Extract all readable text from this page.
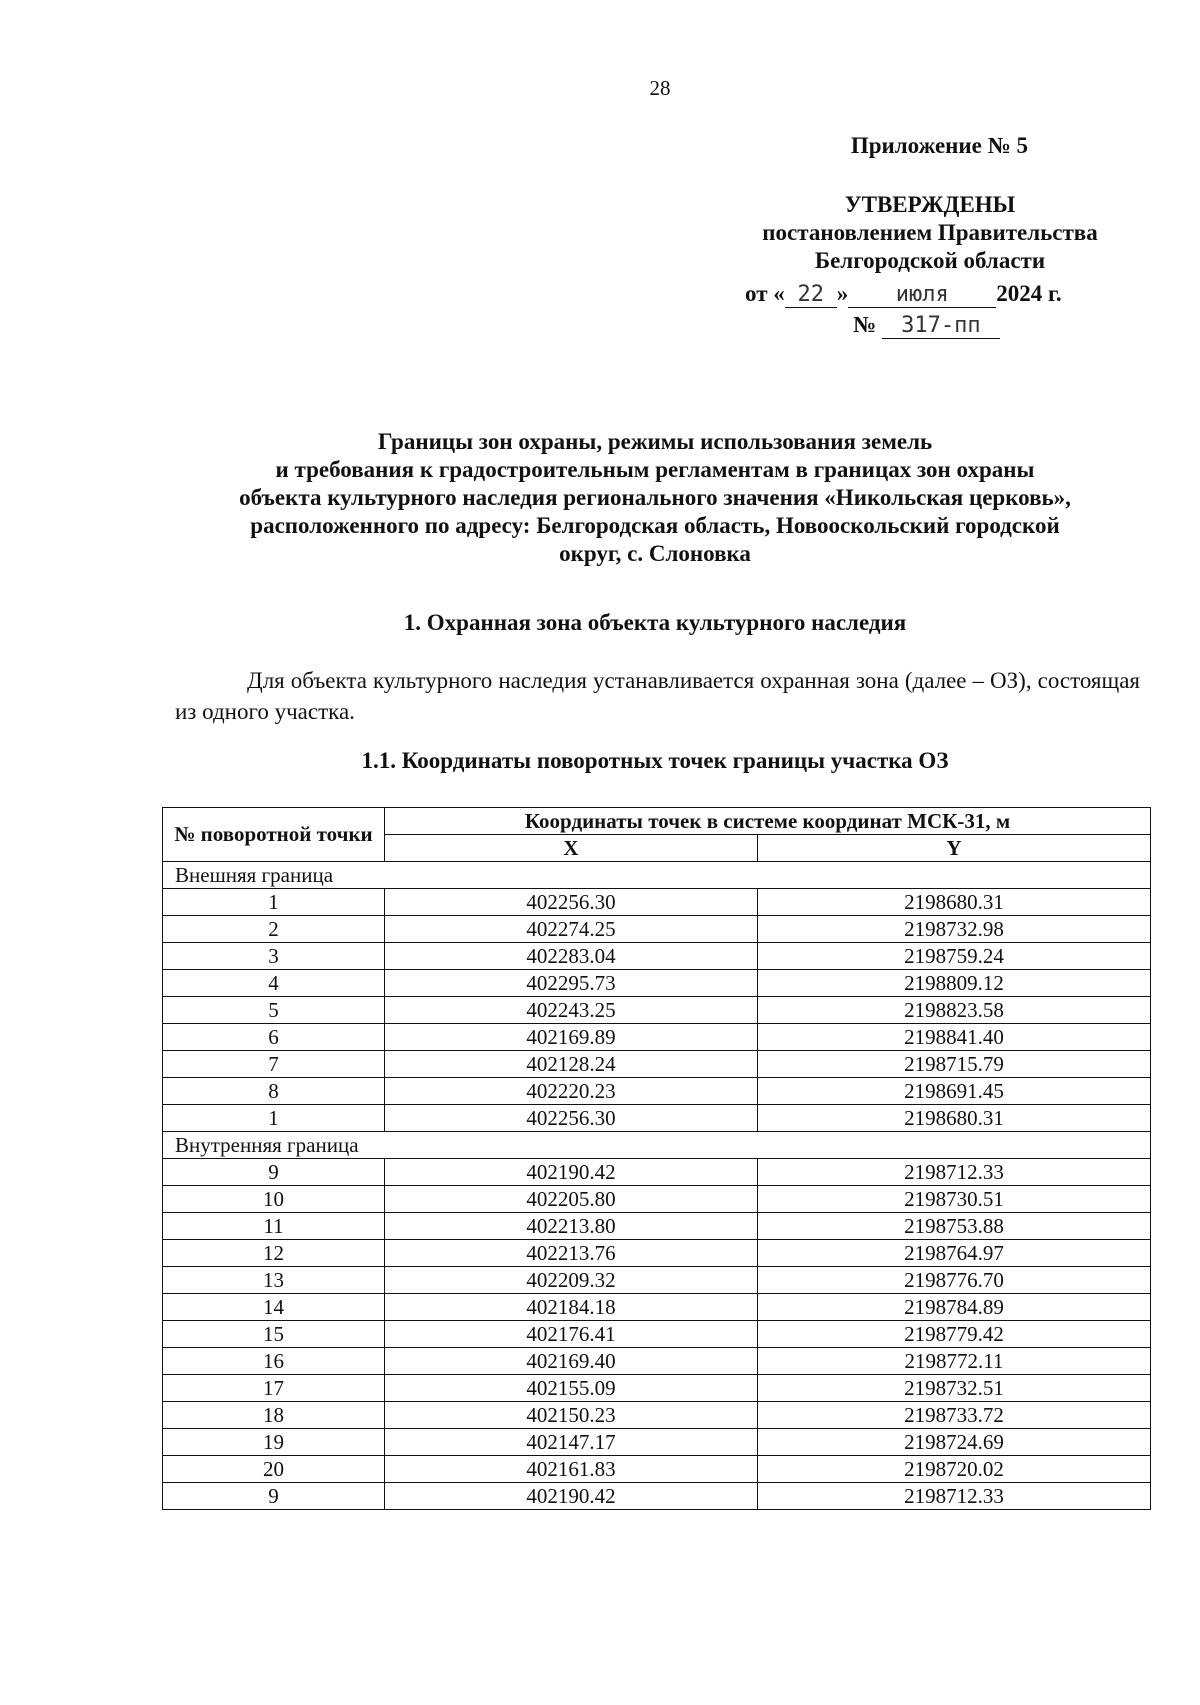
28
Приложение № 5
УТВЕРЖДЕНЫ
постановлением Правительства
Белгородской области
от « 22 » июля 2024 г.
№ 317-пп
Границы зон охраны, режимы использования земель
и требования к градостроительным регламентам в границах зон охраны
объекта культурного наследия регионального значения «Никольская церковь»,
расположенного по адресу: Белгородская область, Новооскольский городской
округ, с. Слоновка
1. Охранная зона объекта культурного наследия
Для объекта культурного наследия устанавливается охранная зона (далее – ОЗ), состоящая из одного участка.
1.1. Координаты поворотных точек границы участка ОЗ
№ поворотной точки	Координаты точек в системе координат МСК-31, м	
	X	Y
Внешняя граница		
1	402256.30	2198680.31
2	402274.25	2198732.98
3	402283.04	2198759.24
4	402295.73	2198809.12
5	402243.25	2198823.58
6	402169.89	2198841.40
7	402128.24	2198715.79
8	402220.23	2198691.45
1	402256.30	2198680.31
Внутренняя граница		
9	402190.42	2198712.33
10	402205.80	2198730.51
11	402213.80	2198753.88
12	402213.76	2198764.97
13	402209.32	2198776.70
14	402184.18	2198784.89
15	402176.41	2198779.42
16	402169.40	2198772.11
17	402155.09	2198732.51
18	402150.23	2198733.72
19	402147.17	2198724.69
20	402161.83	2198720.02
9	402190.42	2198712.33
